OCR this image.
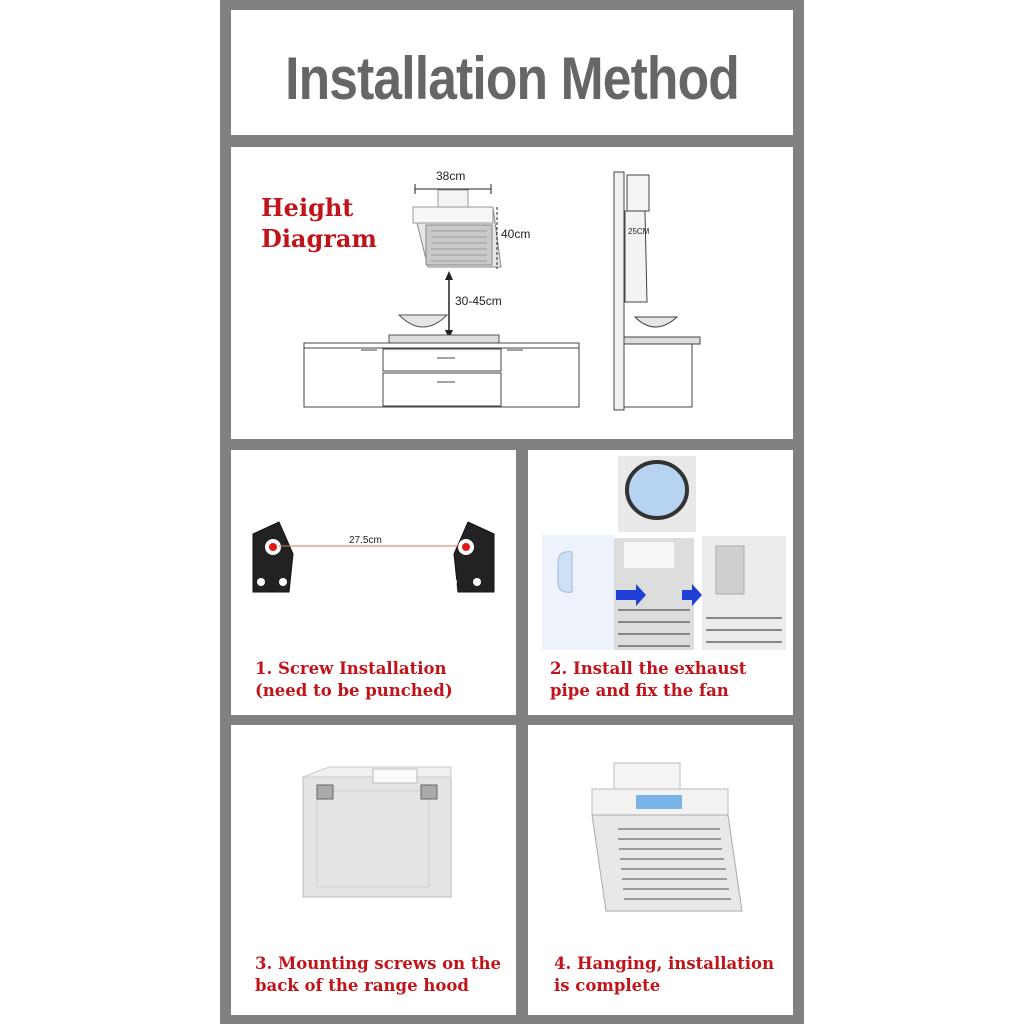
Installation Method
Height
Diagram
38cm
40cm
30-45cm
25CM
27.5cm
1. Screw Installation
(need to be punched)
2. Install the exhaust
pipe and fix the fan
3. Mounting screws on the
back of the range hood
4. Hanging, installation
is complete
